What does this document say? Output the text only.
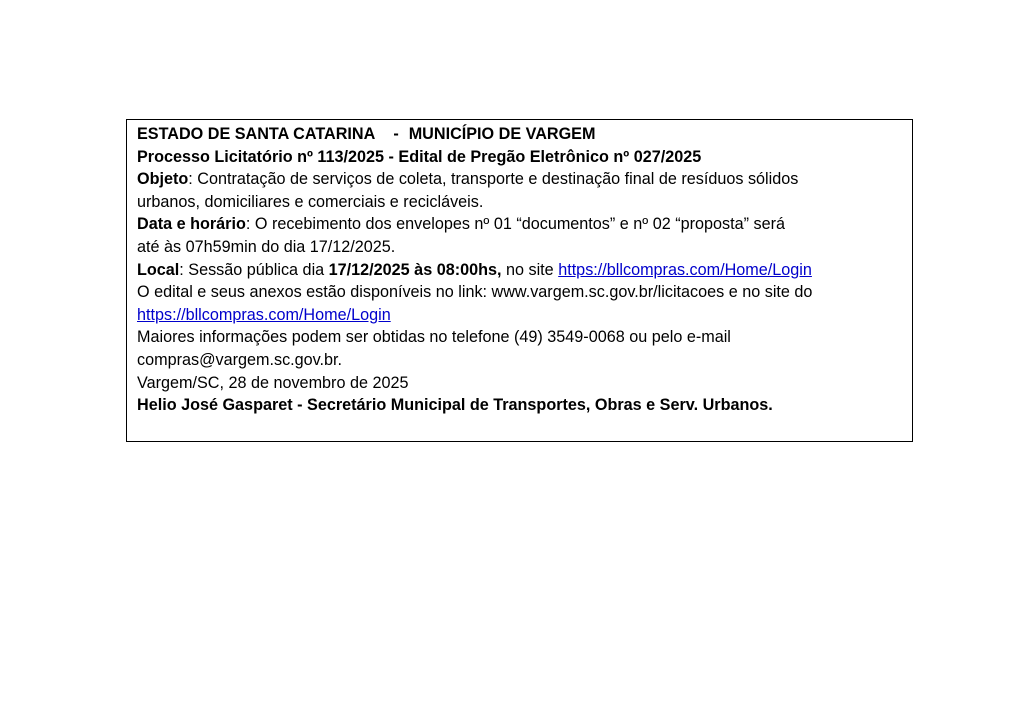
ESTADO DE SANTA CATARINA - MUNICÍPIO DE VARGEM

Processo Licitatório nº 113/2025 - Edital de Pregão Eletrônico nº 027/2025

Objeto: Contratação de serviços de coleta, transporte e destinação final de resíduos sólidos

urbanos, domiciliares e comerciais e recicláveis.

Data e horário: O recebimento dos envelopes nº 01 “documentos” e nº 02 “proposta” será

até às 07h59min do dia 17/12/2025.

Local: Sessão pública dia 17/12/2025 às 08:00hs, no site https://bllcompras.com/Home/Login

O edital e seus anexos estão disponíveis no link: www.vargem.sc.gov.br/licitacoes e no site do

https://bllcompras.com/Home/Login

Maiores informações podem ser obtidas no telefone (49) 3549-0068 ou pelo e-mail

compras@vargem.sc.gov.br.

Vargem/SC, 28 de novembro de 2025

Helio José Gasparet - Secretário Municipal de Transportes, Obras e Serv. Urbanos.
